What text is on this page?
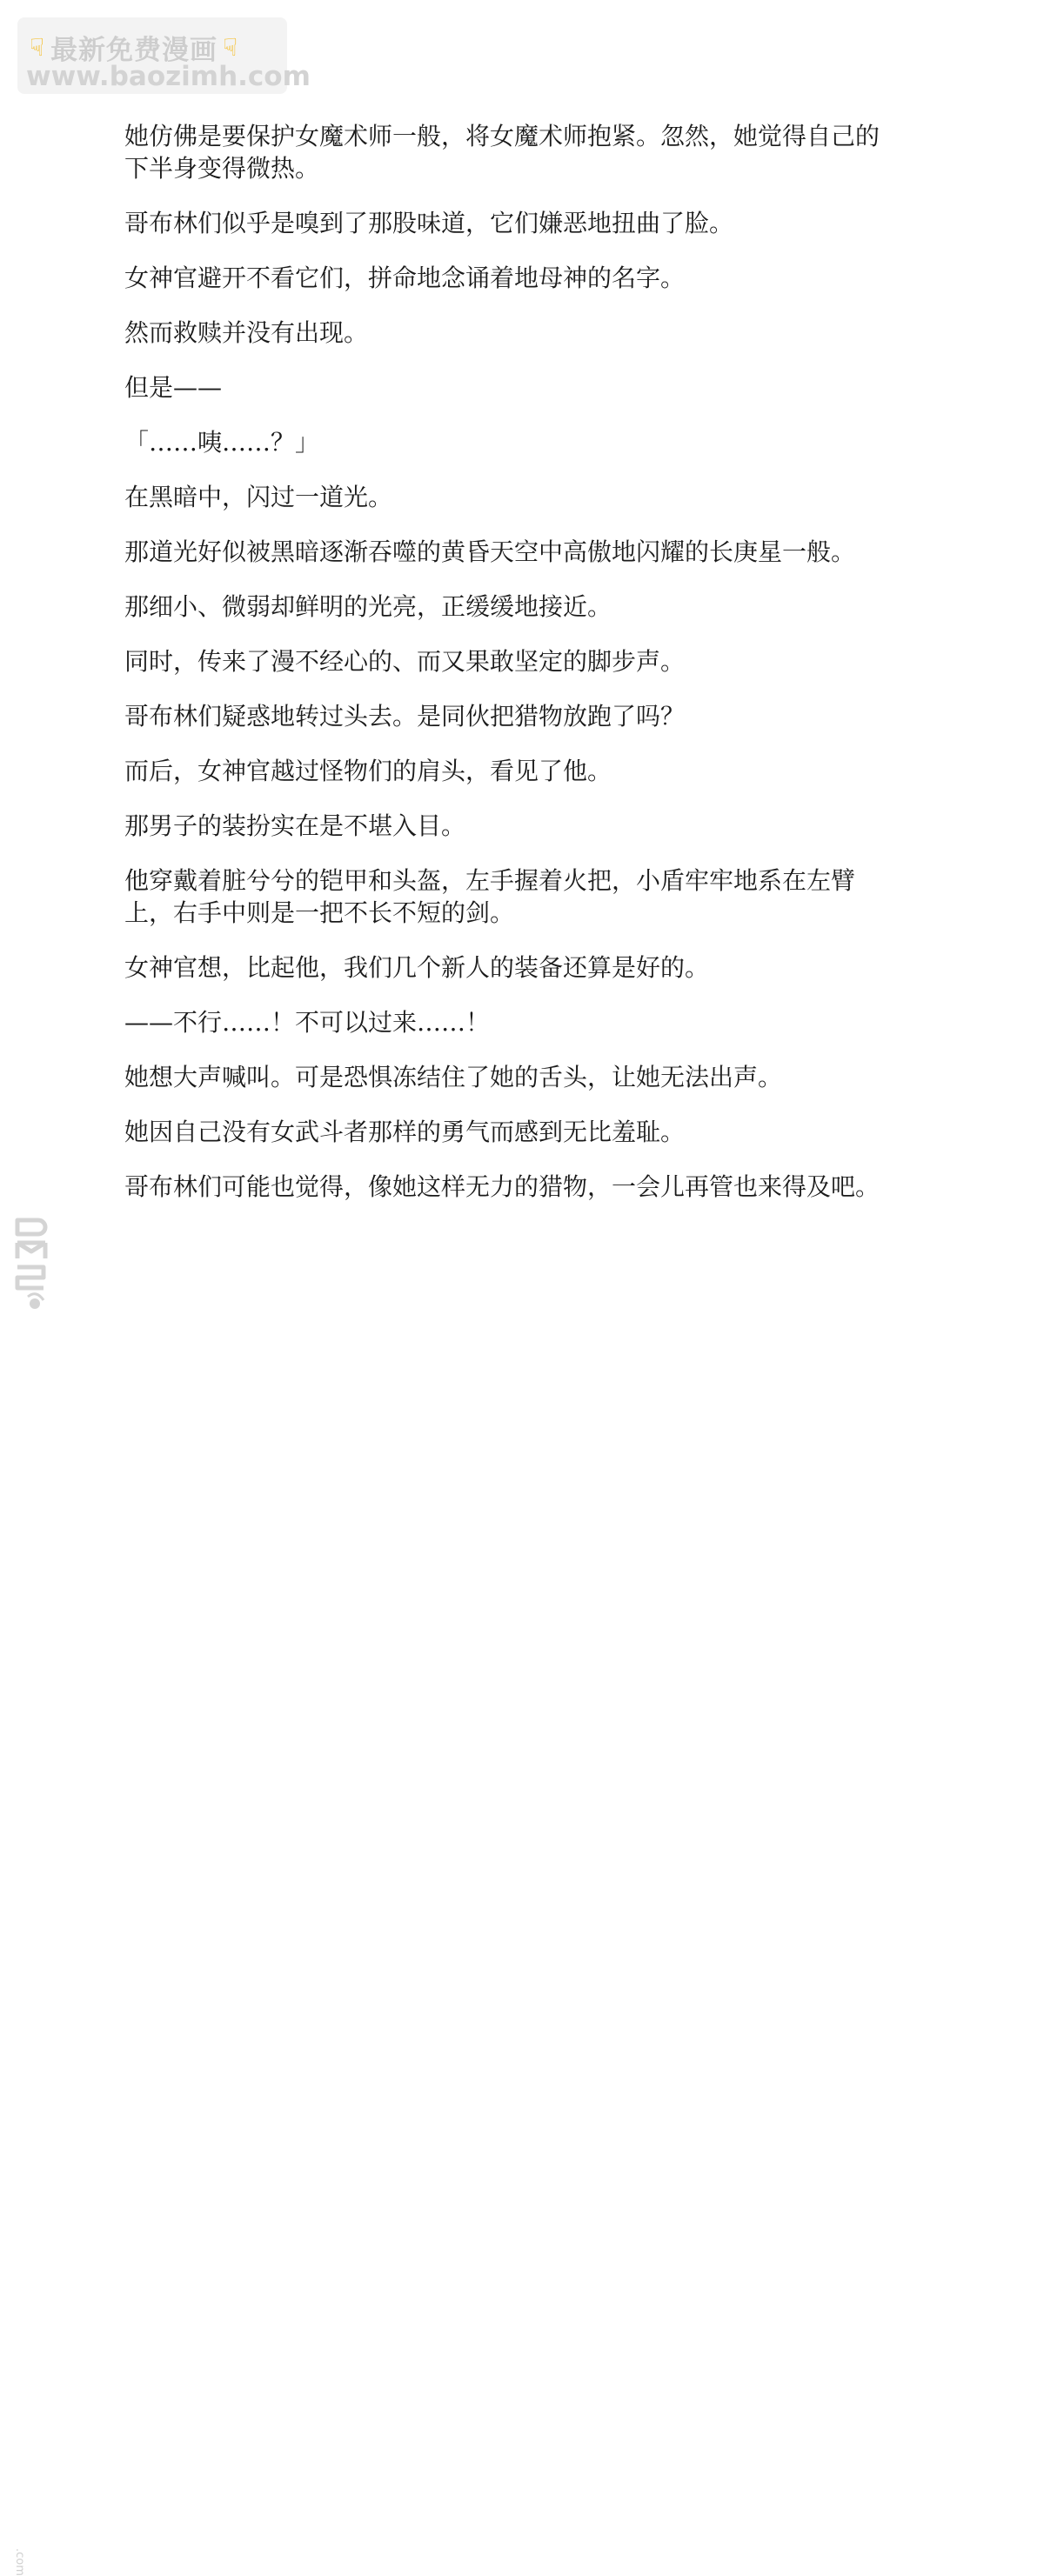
☟ 最新免费漫画 ☟
www.baozimh.com

她仿佛是要保护女魔术师一般，将女魔术师抱紧。忽然，她觉得自己的
下半身变得微热。

哥布林们似乎是嗅到了那股味道，它们嫌恶地扭曲了脸。

女神官避开不看它们，拼命地念诵着地母神的名字。

然而救赎并没有出现。

但是——

「……咦……？」

在黑暗中，闪过一道光。

那道光好似被黑暗逐渐吞噬的黄昏天空中高傲地闪耀的长庚星一般。

那细小、微弱却鲜明的光亮，正缓缓地接近。

同时，传来了漫不经心的、而又果敢坚定的脚步声。

哥布林们疑惑地转过头去。是同伙把猎物放跑了吗？

而后，女神官越过怪物们的肩头，看见了他。

那男子的装扮实在是不堪入目。

他穿戴着脏兮兮的铠甲和头盔，左手握着火把，小盾牢牢地系在左臂
上，右手中则是一把不长不短的剑。

女神官想，比起他，我们几个新人的装备还算是好的。

——不行……！不可以过来……！

她想大声喊叫。可是恐惧冻结住了她的舌头，让她无法出声。

她因自己没有女武斗者那样的勇气而感到无比羞耻。

哥布林们可能也觉得，像她这样无力的猎物，一会儿再管也来得及吧。

.com
